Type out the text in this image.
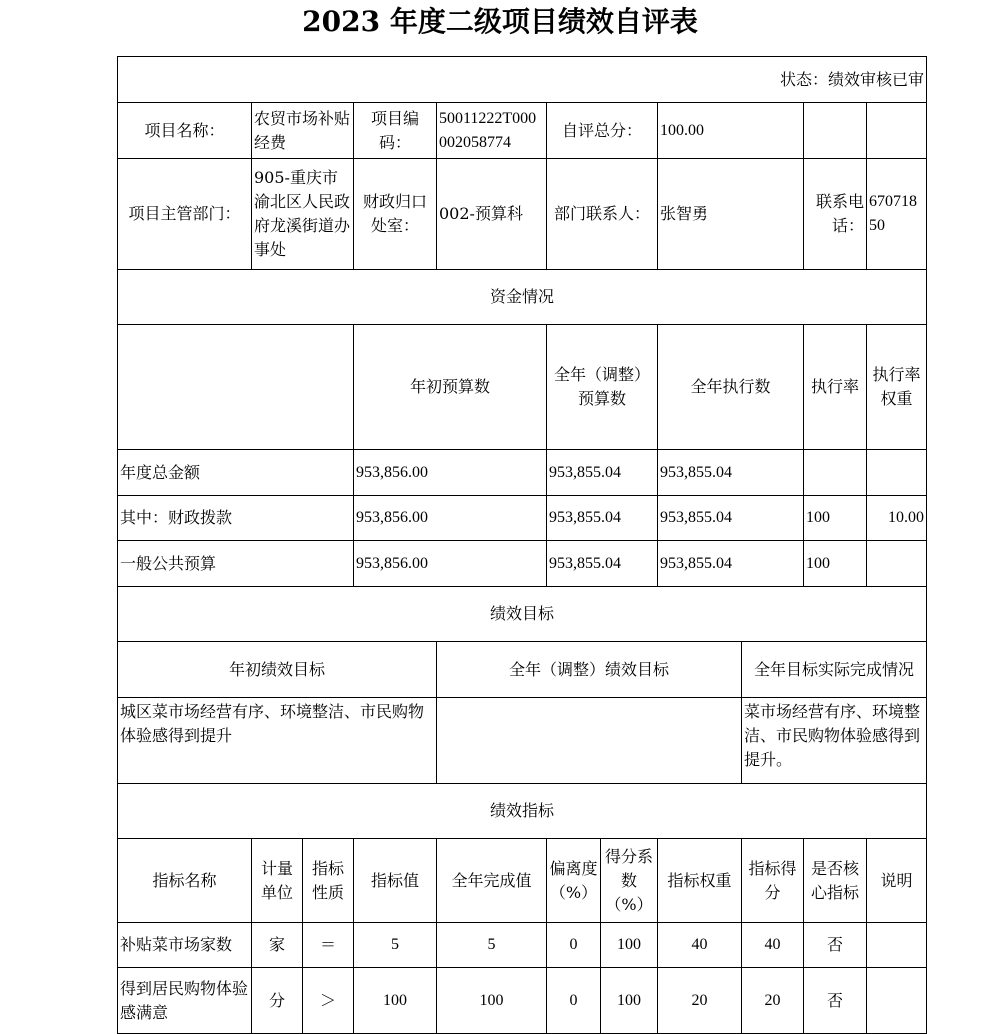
2023 年度二级项目绩效自评表
状态：绩效审核已审											
项目名称：	农贸市场补贴经费		项目编码：	50011222T000002058774	自评总分：		100.00				
项目主管部门：	905-重庆市渝北区人民政府龙溪街道办事处		财政归口处室：	002-预算科	部门联系人：		张智勇		联系电话：	67071850	
资金情况											
			年初预算数		全年（调整）预算数		全年执行数		执行率	执行率权重	
年度总金额			953,856.00		953,855.04		953,855.04				
其中：财政拨款			953,856.00		953,855.04		953,855.04		100	10.00	
一般公共预算			953,856.00		953,855.04		953,855.04		100		
绩效目标											
年初绩效目标				全年（调整）绩效目标				全年目标实际完成情况			
城区菜市场经营有序、环境整洁、市民购物体验感得到提升								菜市场经营有序、环境整洁、市民购物体验感得到提升。			
绩效指标											
指标名称	计量单位	指标性质	指标值	全年完成值	偏离度（%）	得分系数（%）	指标权重	指标得分	是否核心指标	说明	
补贴菜市场家数	家	＝	5	5	0	100	40	40	否		
得到居民购物体验感满意	分	＞	100	100	0	100	20	20	否		
